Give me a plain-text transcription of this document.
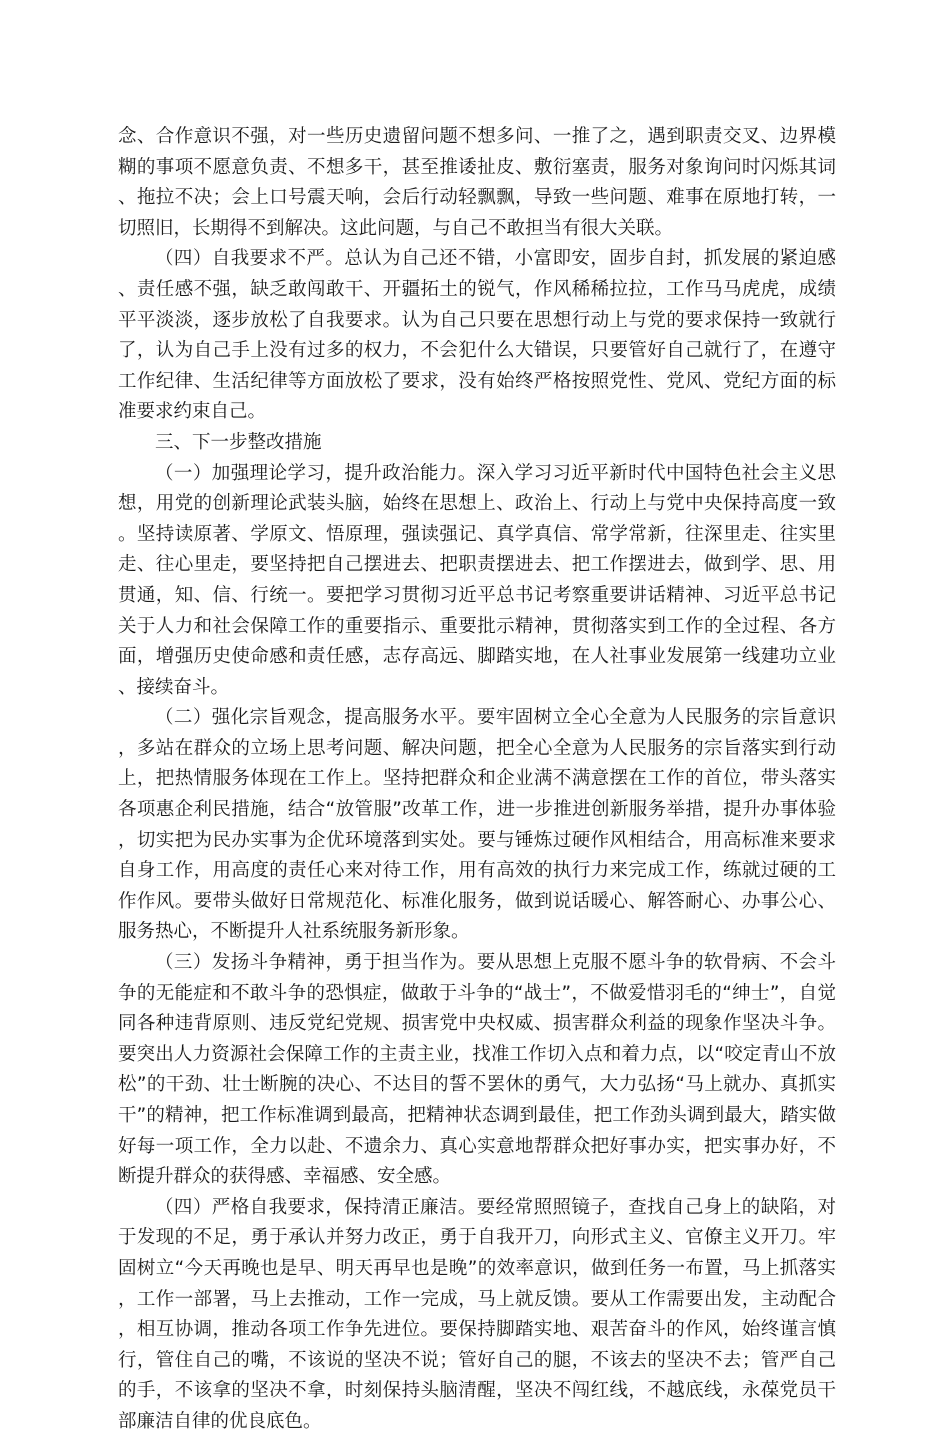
念、合作意识不强，对一些历史遗留问题不想多问、一推了之，遇到职责交叉、边界模糊的事项不愿意负责、不想多干，甚至推诿扯皮、敷衍塞责，服务对象询问时闪烁其词、拖拉不决；会上口号震天响，会后行动轻飘飘，导致一些问题、难事在原地打转，一切照旧，长期得不到解决。这此问题，与自己不敢担当有很大关联。

（四）自我要求不严。总认为自己还不错，小富即安，固步自封，抓发展的紧迫感、责任感不强，缺乏敢闯敢干、开疆拓土的锐气，作风稀稀拉拉，工作马马虎虎，成绩平平淡淡，逐步放松了自我要求。认为自己只要在思想行动上与党的要求保持一致就行了，认为自己手上没有过多的权力，不会犯什么大错误，只要管好自己就行了，在遵守工作纪律、生活纪律等方面放松了要求，没有始终严格按照党性、党风、党纪方面的标准要求约束自己。

三、下一步整改措施

（一）加强理论学习，提升政治能力。深入学习习近平新时代中国特色社会主义思想，用党的创新理论武装头脑，始终在思想上、政治上、行动上与党中央保持高度一致。坚持读原著、学原文、悟原理，强读强记、真学真信、常学常新，往深里走、往实里走、往心里走，要坚持把自己摆进去、把职责摆进去、把工作摆进去，做到学、思、用贯通，知、信、行统一。要把学习贯彻习近平总书记考察重要讲话精神、习近平总书记关于人力和社会保障工作的重要指示、重要批示精神，贯彻落实到工作的全过程、各方面，增强历史使命感和责任感，志存高远、脚踏实地，在人社事业发展第一线建功立业、接续奋斗。

（二）强化宗旨观念，提高服务水平。要牢固树立全心全意为人民服务的宗旨意识，多站在群众的立场上思考问题、解决问题，把全心全意为人民服务的宗旨落实到行动上，把热情服务体现在工作上。坚持把群众和企业满不满意摆在工作的首位，带头落实各项惠企利民措施，结合“放管服”改革工作，进一步推进创新服务举措，提升办事体验，切实把为民办实事为企优环境落到实处。要与锤炼过硬作风相结合，用高标准来要求自身工作，用高度的责任心来对待工作，用有高效的执行力来完成工作，练就过硬的工作作风。要带头做好日常规范化、标准化服务，做到说话暖心、解答耐心、办事公心、服务热心，不断提升人社系统服务新形象。

（三）发扬斗争精神，勇于担当作为。要从思想上克服不愿斗争的软骨病、不会斗争的无能症和不敢斗争的恐惧症，做敢于斗争的“战士”，不做爱惜羽毛的“绅士”，自觉同各种违背原则、违反党纪党规、损害党中央权威、损害群众利益的现象作坚决斗争。要突出人力资源社会保障工作的主责主业，找准工作切入点和着力点，以“咬定青山不放松”的干劲、壮士断腕的决心、不达目的誓不罢休的勇气，大力弘扬“马上就办、真抓实干”的精神，把工作标准调到最高，把精神状态调到最佳，把工作劲头调到最大，踏实做好每一项工作，全力以赴、不遗余力、真心实意地帮群众把好事办实，把实事办好，不断提升群众的获得感、幸福感、安全感。

（四）严格自我要求，保持清正廉洁。要经常照照镜子，查找自己身上的缺陷，对于发现的不足，勇于承认并努力改正，勇于自我开刀，向形式主义、官僚主义开刀。牢固树立“今天再晚也是早、明天再早也是晚”的效率意识，做到任务一布置，马上抓落实，工作一部署，马上去推动，工作一完成，马上就反馈。要从工作需要出发，主动配合，相互协调，推动各项工作争先进位。要保持脚踏实地、艰苦奋斗的作风，始终谨言慎行，管住自己的嘴，不该说的坚决不说；管好自己的腿，不该去的坚决不去；管严自己的手，不该拿的坚决不拿，时刻保持头脑清醒，坚决不闯红线，不越底线，永葆党员干部廉洁自律的优良底色。
